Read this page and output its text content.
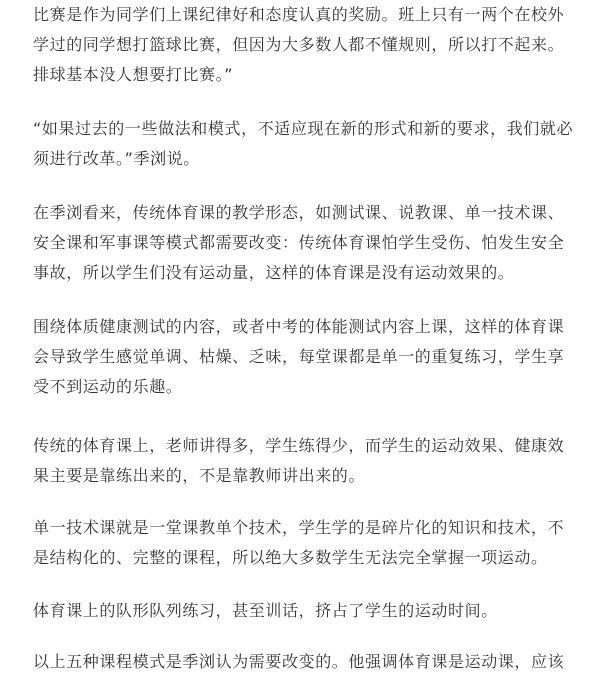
比赛是作为同学们上课纪律好和态度认真的奖励。班上只有一两个在校外
学过的同学想打篮球比赛，但因为大多数人都不懂规则，所以打不起来。
排球基本没人想要打比赛。”

“如果过去的一些做法和模式，不适应现在新的形式和新的要求，我们就必
须进行改革。”季浏说。

在季浏看来，传统体育课的教学形态，如测试课、说教课、单一技术课、
安全课和军事课等模式都需要改变：传统体育课怕学生受伤、怕发生安全
事故，所以学生们没有运动量，这样的体育课是没有运动效果的。

围绕体质健康测试的内容，或者中考的体能测试内容上课，这样的体育课
会导致学生感觉单调、枯燥、乏味，每堂课都是单一的重复练习，学生享
受不到运动的乐趣。

传统的体育课上，老师讲得多，学生练得少，而学生的运动效果、健康效
果主要是靠练出来的，不是靠教师讲出来的。

单一技术课就是一堂课教单个技术，学生学的是碎片化的知识和技术，不
是结构化的、完整的课程，所以绝大多数学生无法完全掌握一项运动。

体育课上的队形队列练习，甚至训话，挤占了学生的运动时间。

以上五种课程模式是季浏认为需要改变的。他强调体育课是运动课，应该
